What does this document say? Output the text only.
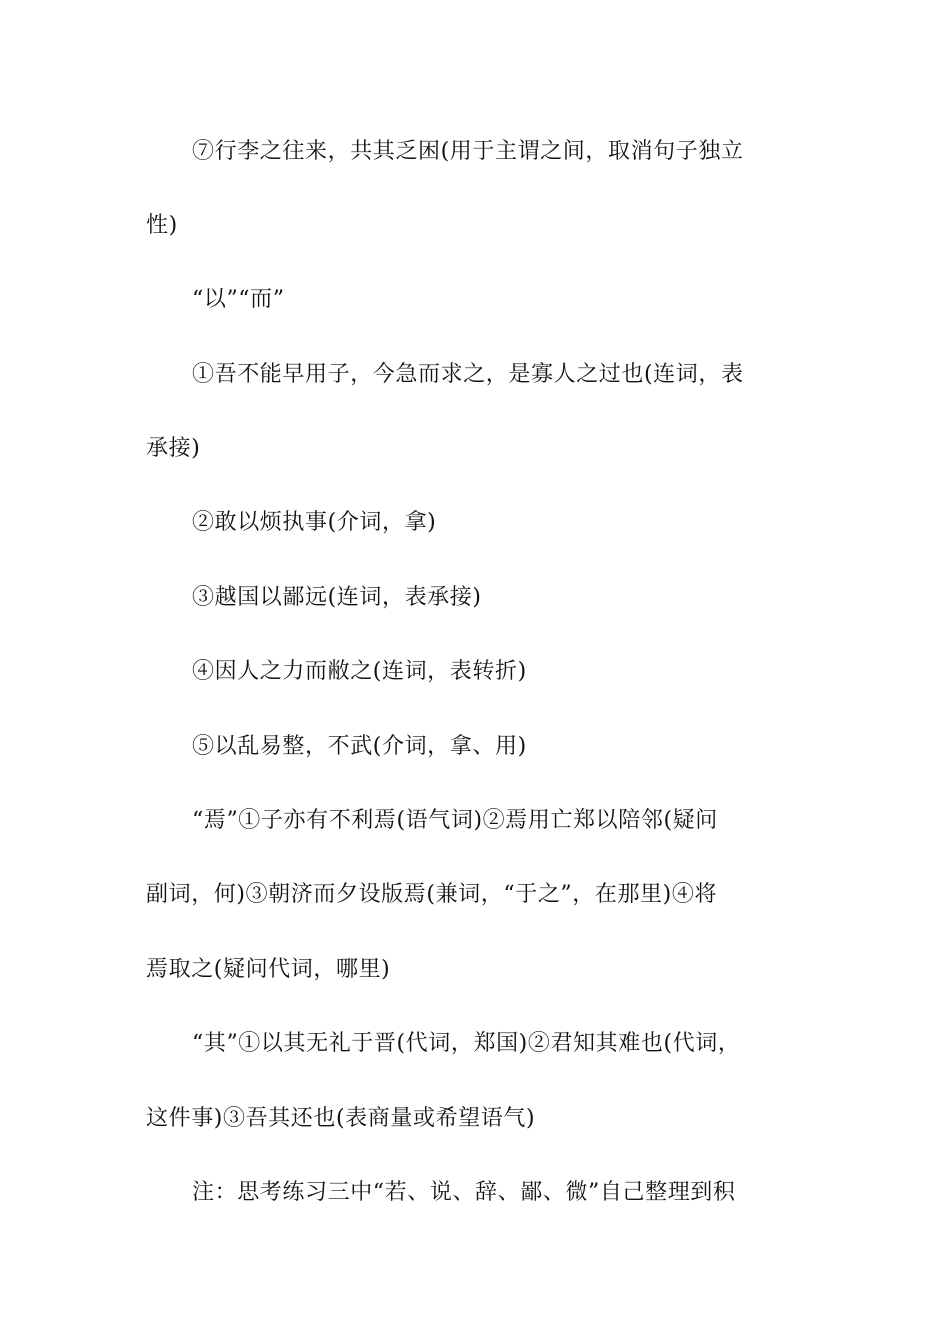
⑦行李之往来，共其乏困(用于主谓之间，取消句子独立
性)
“以”“而”
①吾不能早用子，今急而求之，是寡人之过也(连词，表
承接)
②敢以烦执事(介词，拿)
③越国以鄙远(连词，表承接)
④因人之力而敝之(连词，表转折)
⑤以乱易整，不武(介词，拿、用)
“焉”①子亦有不利焉(语气词)②焉用亡郑以陪邻(疑问
副词，何)③朝济而夕设版焉(兼词，“于之”，在那里)④将
焉取之(疑问代词，哪里)
“其”①以其无礼于晋(代词，郑国)②君知其难也(代词，
这件事)③吾其还也(表商量或希望语气)
注：思考练习三中“若、说、辞、鄙、微”自己整理到积
